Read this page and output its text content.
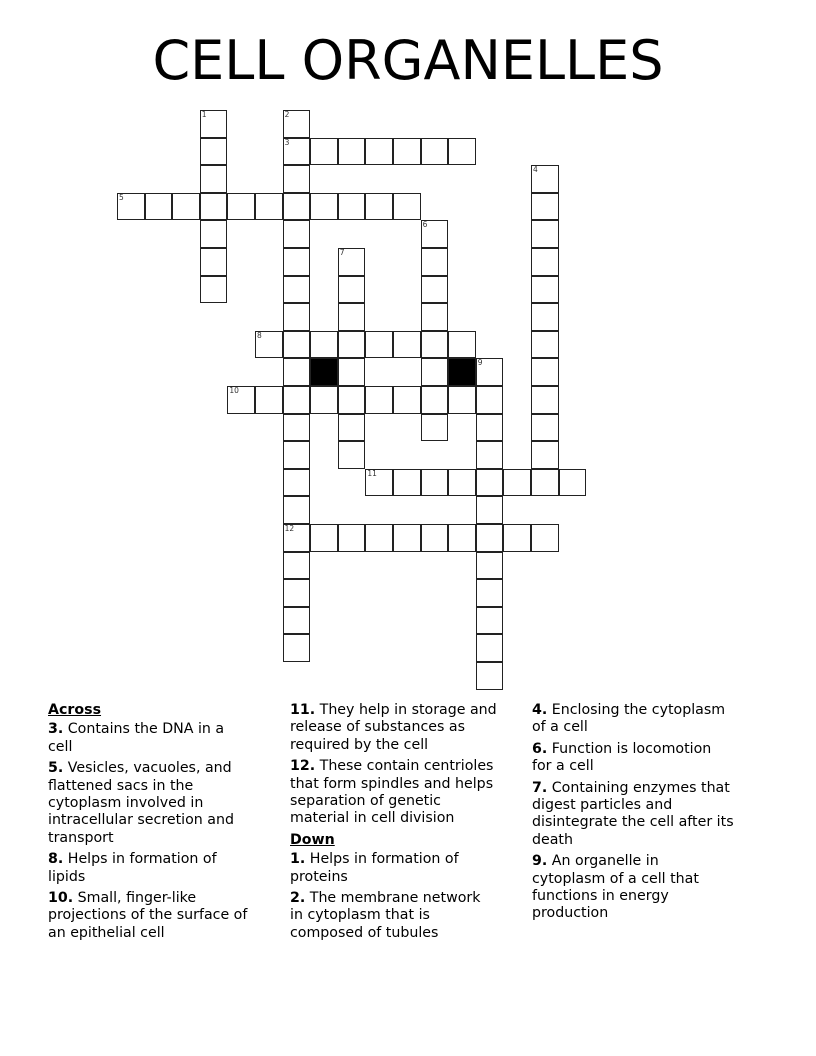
CELL ORGANELLES
1	2
3
12
4
5
6
7
8
9
10
11
Across
3. Contains the DNA in a
cell
5. Vesicles, vacuoles, and
flattened sacs in the
cytoplasm involved in
intracellular secretion and
transport
8. Helps in formation of
lipids
10. Small, finger-like
projections of the surface of
an epithelial cell
11. They help in storage and
release of substances as
required by the cell
12. These contain centrioles
that form spindles and helps
separation of genetic
material in cell division
Down
1. Helps in formation of
proteins
2. The membrane network
in cytoplasm that is
composed of tubules
4. Enclosing the cytoplasm
of a cell
6. Function is locomotion
for a cell
7. Containing enzymes that
digest particles and
disintegrate the cell after its
death
9. An organelle in
cytoplasm of a cell that
functions in energy
production
